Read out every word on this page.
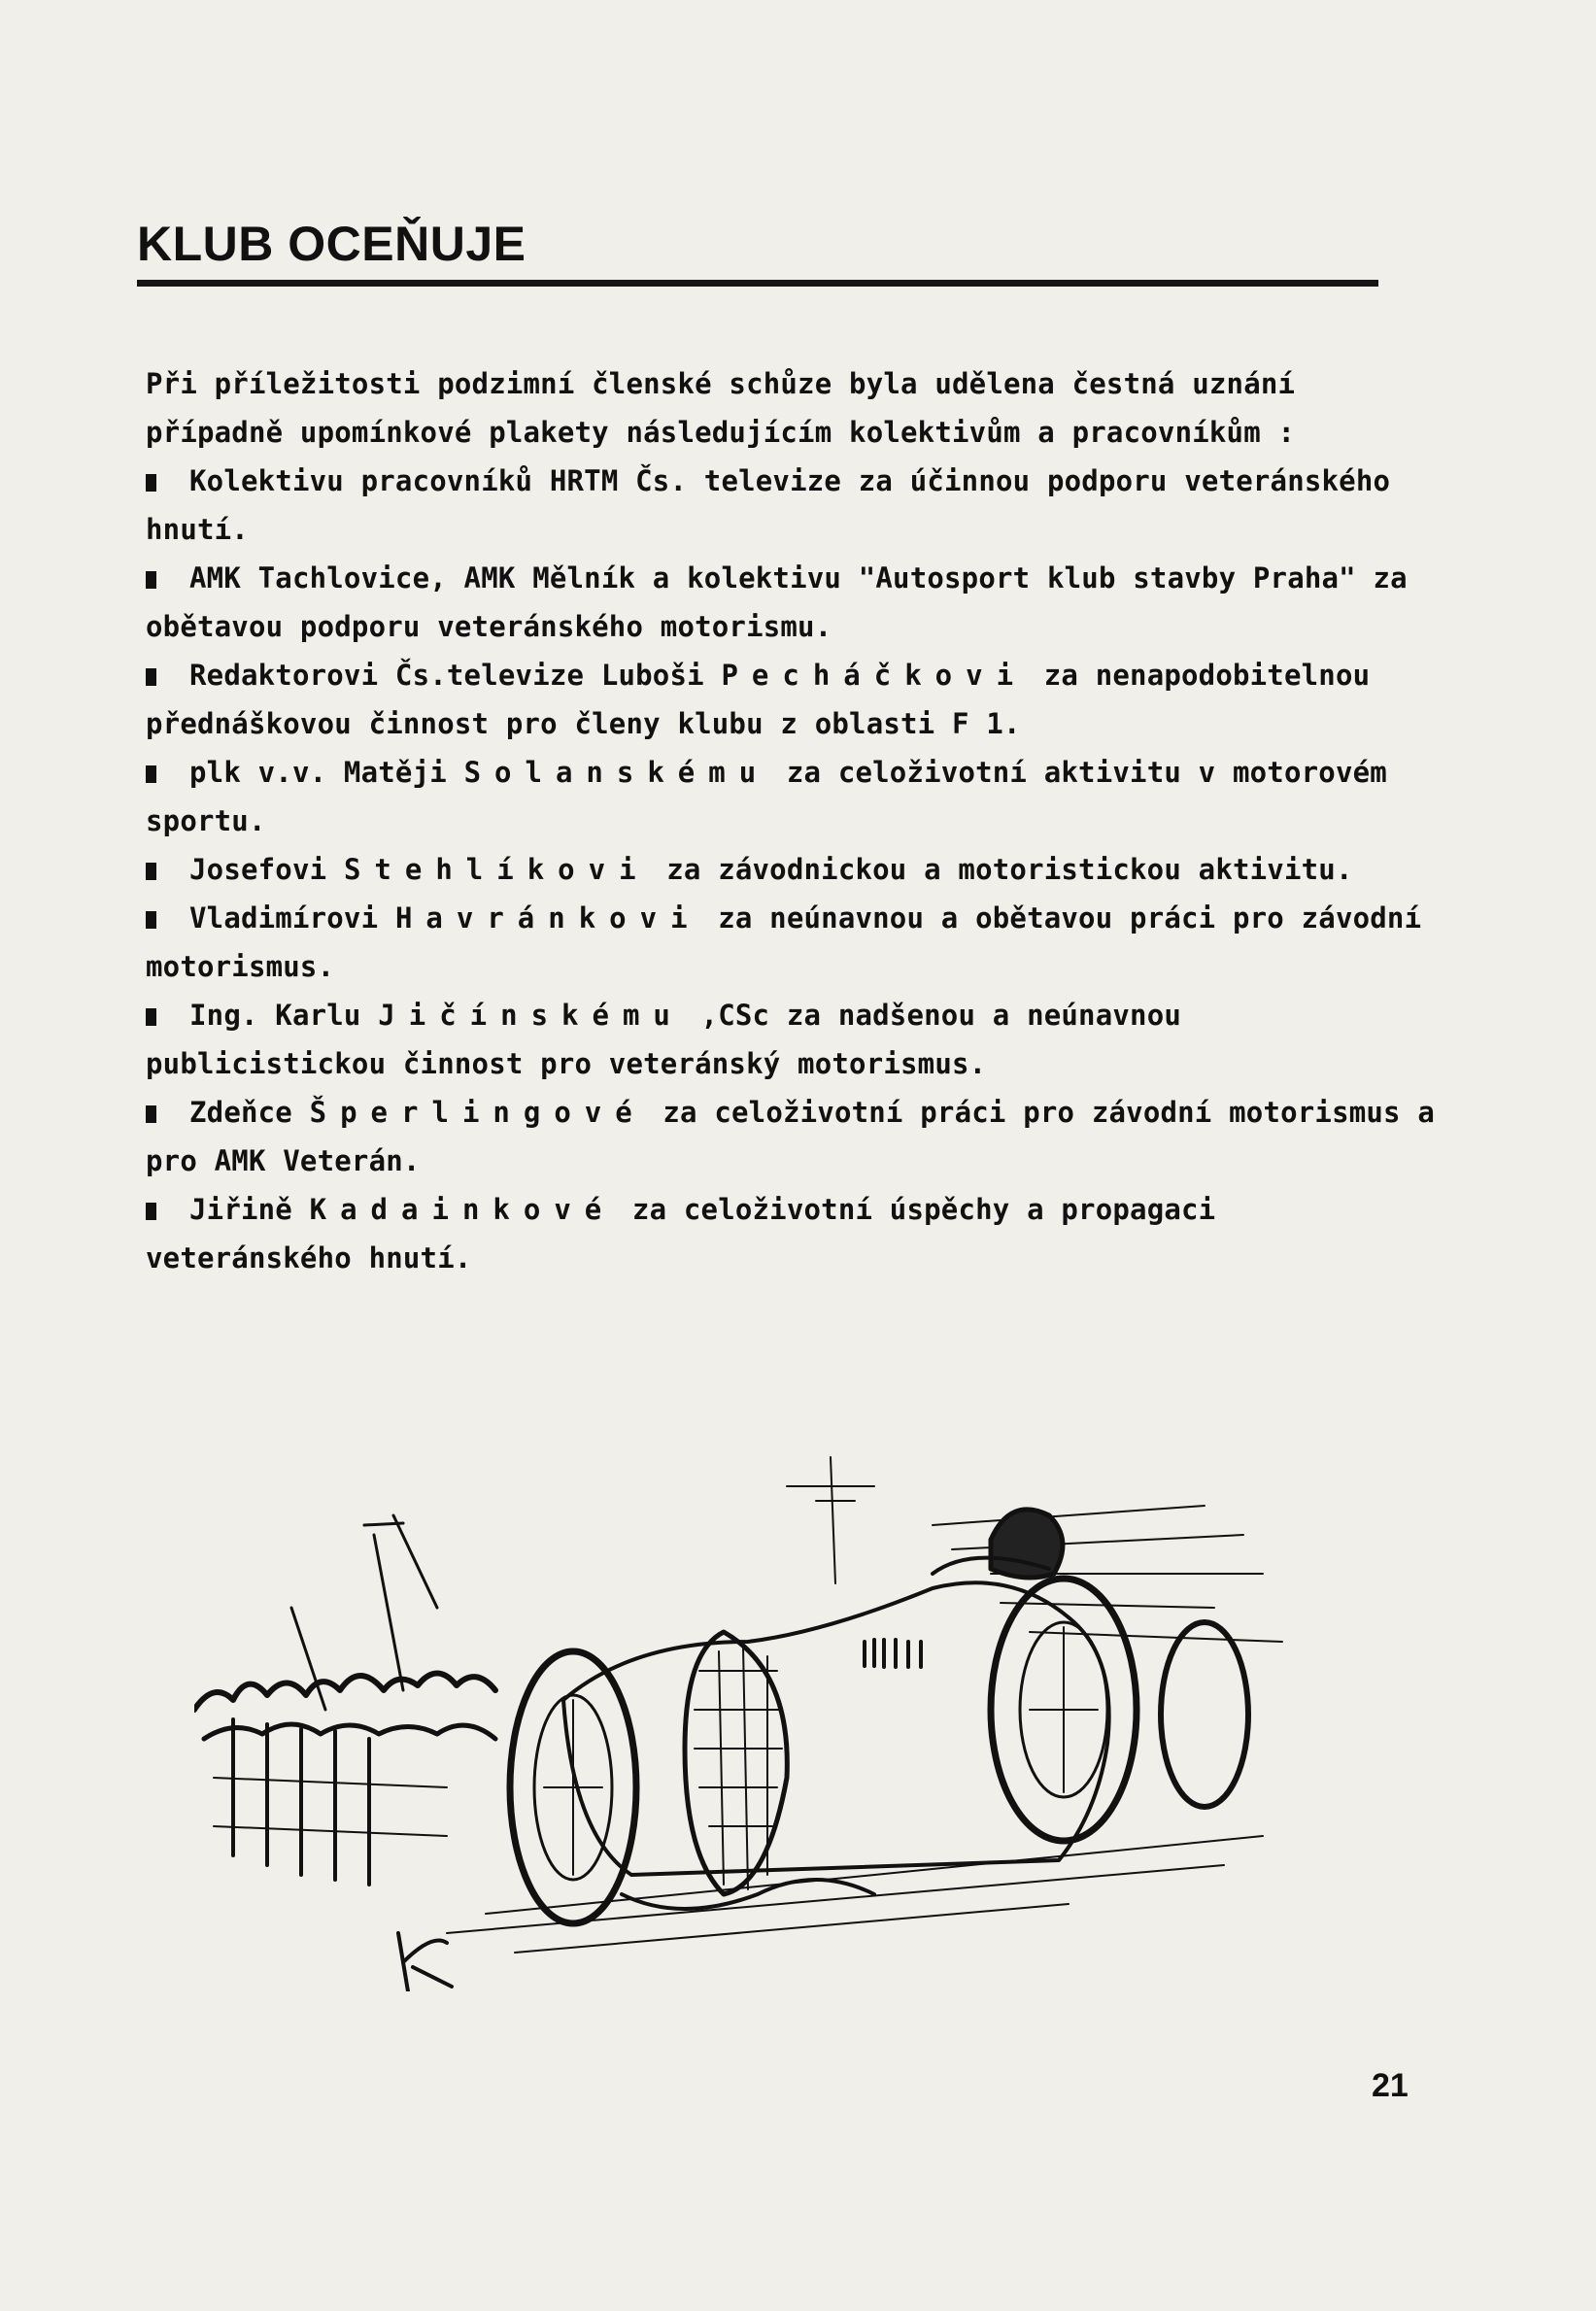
KLUB OCEŇUJE

Při příležitosti podzimní členské schůze byla udělena čestná uznání případně upomínkové plakety následujícím kolektivům a pracovníkům :

Kolektivu pracovníků HRTM Čs. televize za účinnou podporu veteránského hnutí.

AMK Tachlovice, AMK Mělník a kolektivu "Autosport klub stavby Praha" za obětavou podporu veteránského motorismu.

Redaktorovi Čs.televize Luboši Pecháčkovi za nenapodobitelnou přednáškovou činnost pro členy klubu z oblasti F 1.

plk v.v. Matěji Solanskému za celoživotní aktivitu v motorovém sportu.

Josefovi Stehlíkovi za závodnickou a motoristickou aktivitu.

Vladimírovi Havránkovi za neúnavnou a obětavou práci pro závodní motorismus.

Ing. Karlu Jičínskému ,CSc za nadšenou a neúnavnou publicistickou činnost pro veteránský motorismus.

Zdeňce Šperlingové za celoživotní práci pro závodní motorismus a pro AMK Veterán.

Jiřině Kadainkové za celoživotní úspěchy a propagaci veteránského hnutí.

21
